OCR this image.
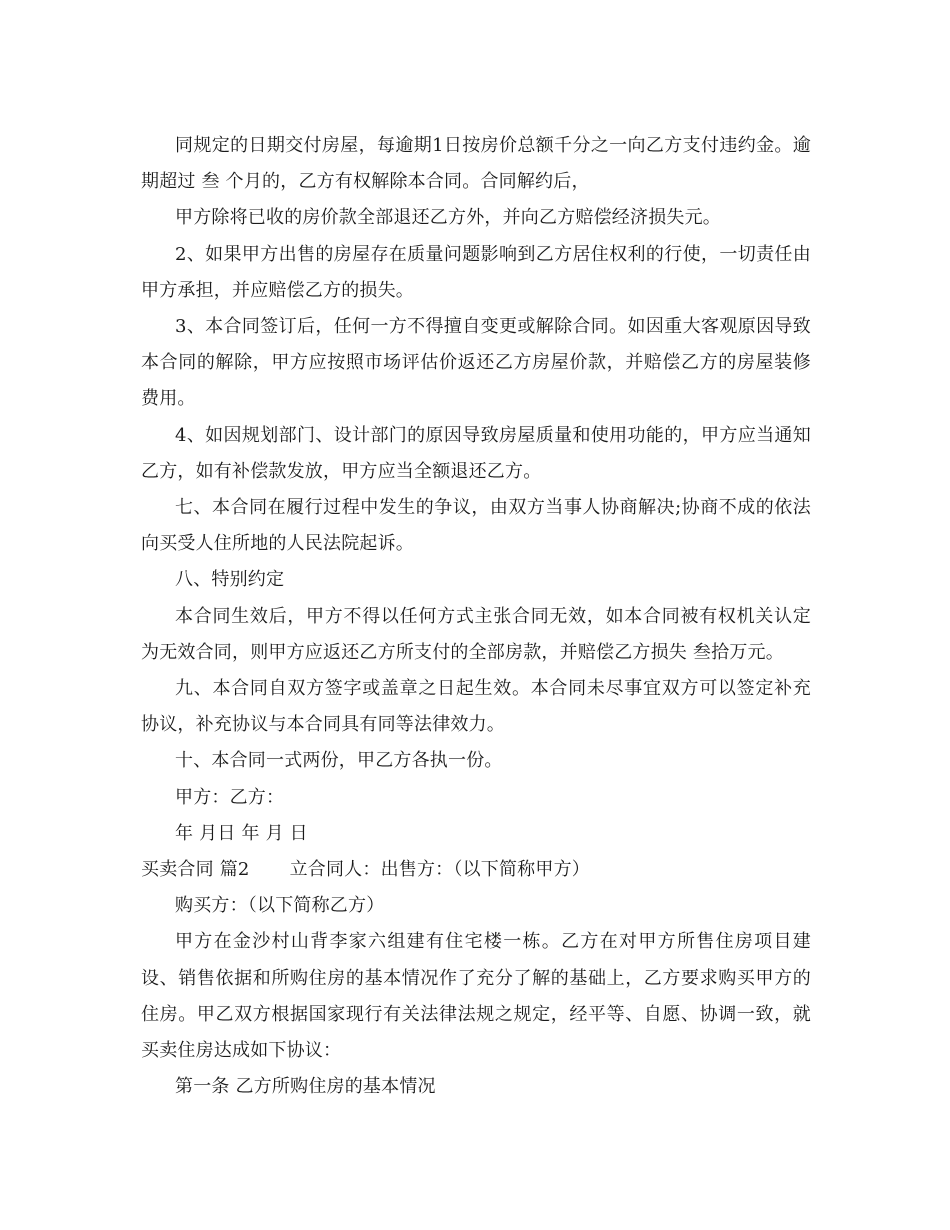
同规定的日期交付房屋，每逾期1日按房价总额千分之一向乙方支付违约金。逾期超过 叁 个月的，乙方有权解除本合同。合同解约后，

甲方除将已收的房价款全部退还乙方外，并向乙方赔偿经济损失元。

2、如果甲方出售的房屋存在质量问题影响到乙方居住权利的行使，一切责任由甲方承担，并应赔偿乙方的损失。

3、本合同签订后，任何一方不得擅自变更或解除合同。如因重大客观原因导致本合同的解除，甲方应按照市场评估价返还乙方房屋价款，并赔偿乙方的房屋装修费用。

4、如因规划部门、设计部门的原因导致房屋质量和使用功能的，甲方应当通知乙方，如有补偿款发放，甲方应当全额退还乙方。

七、本合同在履行过程中发生的争议，由双方当事人协商解决;协商不成的依法向买受人住所地的人民法院起诉。

八、特别约定

本合同生效后，甲方不得以任何方式主张合同无效，如本合同被有权机关认定为无效合同，则甲方应返还乙方所支付的全部房款，并赔偿乙方损失 叁拾万元。

九、本合同自双方签字或盖章之日起生效。本合同未尽事宜双方可以签定补充协议，补充协议与本合同具有同等法律效力。

十、本合同一式两份，甲乙方各执一份。

甲方：乙方：

年 月日 年 月 日

买卖合同 篇2 立合同人：出售方：（以下简称甲方）

购买方：（以下简称乙方）

甲方在金沙村山背李家六组建有住宅楼一栋。乙方在对甲方所售住房项目建设、销售依据和所购住房的基本情况作了充分了解的基础上，乙方要求购买甲方的住房。甲乙双方根据国家现行有关法律法规之规定，经平等、自愿、协调一致，就买卖住房达成如下协议：

第一条 乙方所购住房的基本情况
